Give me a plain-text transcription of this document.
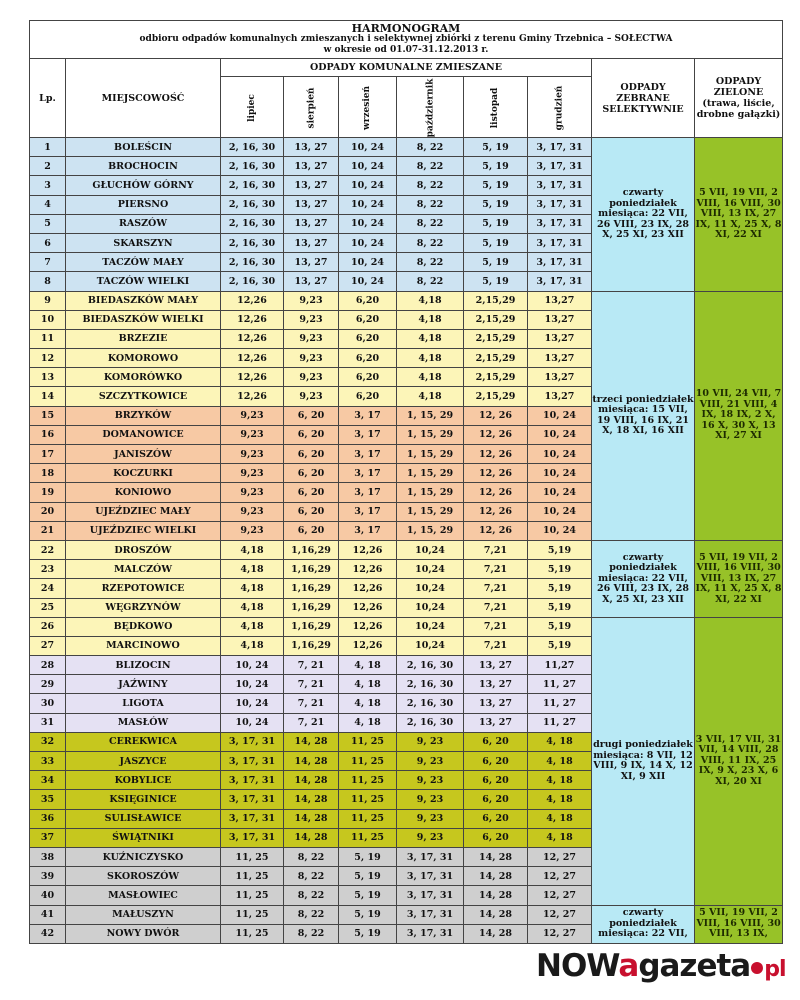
HARMONOGRAM
odbioru odpadów komunalnych zmieszanych i selektywnej zbiórki z terenu Gminy Trzebnica – SOŁECTWA
w okresie od 01.07-31.12.2013 r.									

Lp.	MIEJSCOWOŚĆ	ODPADY KOMUNALNE ZMIESZANE						ODPADY ZEBRANE SELEKTYWNIE	ODPADY ZIELONE (trawa, liście, drobne gałązki)
		lipiec	sierpień	wrzesień	październik	listopad	grudzień		
1	BOLEŚCIN	2, 16, 30	13, 27	10, 24	8, 22	5, 19	3, 17, 31	czwarty poniedziałek miesiąca: 22 VII, 26 VIII, 23 IX, 28 X, 25 XI, 23 XII	5 VII, 19 VII, 2 VIII, 16 VIII, 30 VIII, 13 IX, 27 IX, 11 X, 25 X, 8 XI, 22 XI
2	BROCHOCIN	2, 16, 30	13, 27	10, 24	8, 22	5, 19	3, 17, 31		
3	GŁUCHÓW GÓRNY	2, 16, 30	13, 27	10, 24	8, 22	5, 19	3, 17, 31		
4	PIERSNO	2, 16, 30	13, 27	10, 24	8, 22	5, 19	3, 17, 31		
5	RASZÓW	2, 16, 30	13, 27	10, 24	8, 22	5, 19	3, 17, 31		
6	SKARSZYN	2, 16, 30	13, 27	10, 24	8, 22	5, 19	3, 17, 31		
7	TACZÓW MAŁY	2, 16, 30	13, 27	10, 24	8, 22	5, 19	3, 17, 31		
8	TACZÓW WIELKI	2, 16, 30	13, 27	10, 24	8, 22	5, 19	3, 17, 31		
9	BIEDASZKÓW MAŁY	12,26	9,23	6,20	4,18	2,15,29	13,27	trzeci poniedziałek miesiąca: 15 VII, 19 VIII, 16 IX, 21 X, 18 XI, 16 XII	10 VII, 24 VII, 7 VIII, 21 VIII, 4 IX, 18 IX, 2 X, 16 X, 30 X, 13 XI, 27 XI
10	BIEDASZKÓW WIELKI	12,26	9,23	6,20	4,18	2,15,29	13,27		
11	BRZEZIE	12,26	9,23	6,20	4,18	2,15,29	13,27		
12	KOMOROWO	12,26	9,23	6,20	4,18	2,15,29	13,27		
13	KOMORÓWKO	12,26	9,23	6,20	4,18	2,15,29	13,27		
14	SZCZYTKOWICE	12,26	9,23	6,20	4,18	2,15,29	13,27		
15	BRZYKÓW	9,23	6, 20	3, 17	1, 15, 29	12, 26	10, 24		
16	DOMANOWICE	9,23	6, 20	3, 17	1, 15, 29	12, 26	10, 24		
17	JANISZÓW	9,23	6, 20	3, 17	1, 15, 29	12, 26	10, 24		
18	KOCZURKI	9,23	6, 20	3, 17	1, 15, 29	12, 26	10, 24		
19	KONIOWO	9,23	6, 20	3, 17	1, 15, 29	12, 26	10, 24		
20	UJEŹDZIEC MAŁY	9,23	6, 20	3, 17	1, 15, 29	12, 26	10, 24		
21	UJEŹDZIEC WIELKI	9,23	6, 20	3, 17	1, 15, 29	12, 26	10, 24		
22	DROSZÓW	4,18	1,16,29	12,26	10,24	7,21	5,19	czwarty poniedziałek miesiąca: 22 VII, 26 VIII, 23 IX, 28 X, 25 XI, 23 XII	5 VII, 19 VII, 2 VIII, 16 VIII, 30 VIII, 13 IX, 27 IX, 11 X, 25 X, 8 XI, 22 XI
23	MALCZÓW	4,18	1,16,29	12,26	10,24	7,21	5,19		
24	RZEPOTOWICE	4,18	1,16,29	12,26	10,24	7,21	5,19		
25	WĘGRZYNÓW	4,18	1,16,29	12,26	10,24	7,21	5,19		
26	BĘDKOWO	4,18	1,16,29	12,26	10,24	7,21	5,19	drugi poniedziałek miesiąca: 8 VII, 12 VIII, 9 IX, 14 X, 12 XI, 9 XII	3 VII, 17 VII, 31 VII, 14 VIII, 28 VIII, 11 IX, 25 IX, 9 X, 23 X, 6 XI, 20 XI
27	MARCINOWO	4,18	1,16,29	12,26	10,24	7,21	5,19		
28	BLIZOCIN	10, 24	7, 21	4, 18	2, 16, 30	13, 27	11,27		
29	JAŹWINY	10, 24	7, 21	4, 18	2, 16, 30	13, 27	11, 27		
30	LIGOTA	10, 24	7, 21	4, 18	2, 16, 30	13, 27	11, 27		
31	MASŁÓW	10, 24	7, 21	4, 18	2, 16, 30	13, 27	11, 27		
32	CEREKWICA	3, 17, 31	14, 28	11, 25	9, 23	6, 20	4, 18		
33	JASZYCE	3, 17, 31	14, 28	11, 25	9, 23	6, 20	4, 18		
34	KOBYLICE	3, 17, 31	14, 28	11, 25	9, 23	6, 20	4, 18		
35	KSIĘGINICE	3, 17, 31	14, 28	11, 25	9, 23	6, 20	4, 18		
36	SULISŁAWICE	3, 17, 31	14, 28	11, 25	9, 23	6, 20	4, 18		
37	ŚWIĄTNIKI	3, 17, 31	14, 28	11, 25	9, 23	6, 20	4, 18		
38	KUŹNICZYSKO	11, 25	8, 22	5, 19	3, 17, 31	14, 28	12, 27		
39	SKOROSZÓW	11, 25	8, 22	5, 19	3, 17, 31	14, 28	12, 27		
40	MASŁOWIEC	11, 25	8, 22	5, 19	3, 17, 31	14, 28	12, 27		
41	MAŁUSZYN	11, 25	8, 22	5, 19	3, 17, 31	14, 28	12, 27	czwarty poniedziałek miesiąca: 22 VII,	5 VII, 19 VII, 2 VIII, 16 VIII, 30 VIII, 13 IX,
42	NOWY DWÓR	11, 25	8, 22	5, 19	3, 17, 31	14, 28	12, 27		
NOWagazeta pl
